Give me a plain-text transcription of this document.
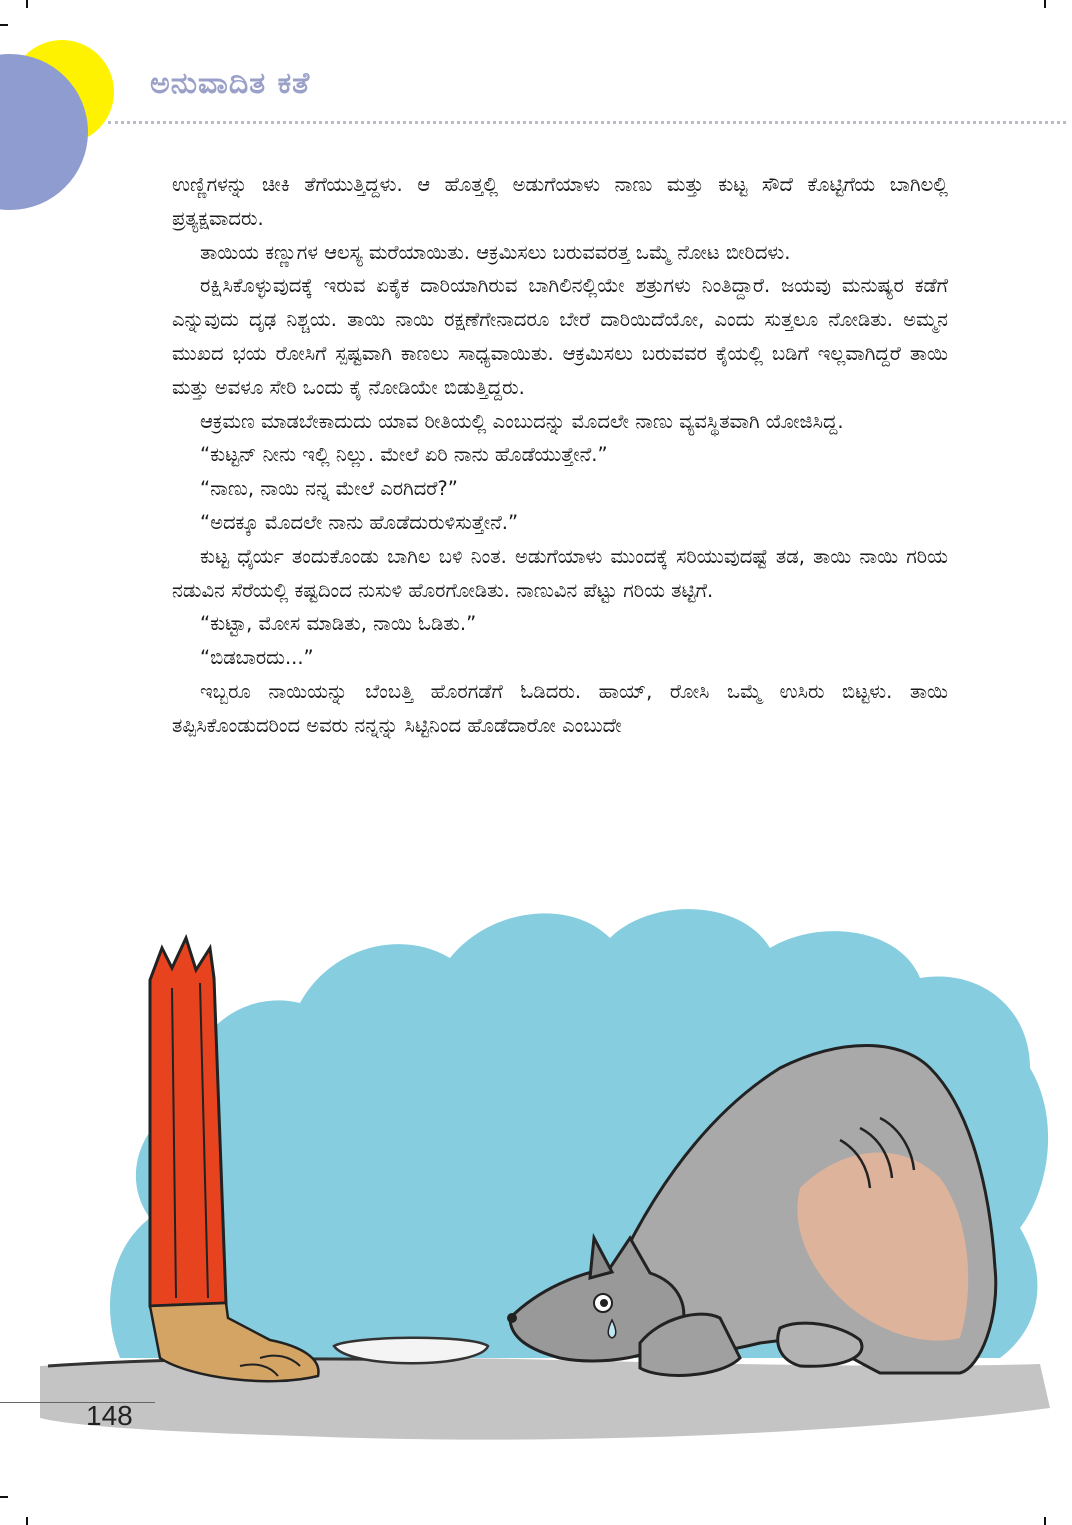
ಅನುವಾದಿತ ಕತೆ

ಉಣ್ಣಿಗಳನ್ನು ಚೀಕಿ ತೆಗೆಯುತ್ತಿದ್ದಳು. ಆ ಹೊತ್ತಲ್ಲಿ ಅಡುಗೆಯಾಳು ನಾಣು ಮತ್ತು ಕುಟ್ಟ ಸೌದೆ ಕೊಟ್ಟಿಗೆಯ ಬಾಗಿಲಲ್ಲಿ ಪ್ರತ್ಯಕ್ಷವಾದರು.

ತಾಯಿಯ ಕಣ್ಣುಗಳ ಆಲಸ್ಯ ಮರೆಯಾಯಿತು. ಆಕ್ರಮಿಸಲು ಬರುವವರತ್ತ ಒಮ್ಮೆ ನೋಟ ಬೀರಿದಳು.

ರಕ್ಷಿಸಿಕೊಳ್ಳುವುದಕ್ಕೆ ಇರುವ ಏಕೈಕ ದಾರಿಯಾಗಿರುವ ಬಾಗಿಲಿನಲ್ಲಿಯೇ ಶತ್ರುಗಳು ನಿಂತಿದ್ದಾರೆ. ಜಯವು ಮನುಷ್ಯರ ಕಡೆಗೆ ಎನ್ನುವುದು ದೃಢ ನಿಶ್ಚಯ. ತಾಯಿ ನಾಯಿ ರಕ್ಷಣೆಗೇನಾದರೂ ಬೇರೆ ದಾರಿಯಿದೆಯೋ, ಎಂದು ಸುತ್ತಲೂ ನೋಡಿತು. ಅಮ್ಮನ ಮುಖದ ಭಯ ರೋಸಿಗೆ ಸ್ಪಷ್ಟವಾಗಿ ಕಾಣಲು ಸಾಧ್ಯವಾಯಿತು. ಆಕ್ರಮಿಸಲು ಬರುವವರ ಕೈಯಲ್ಲಿ ಬಡಿಗೆ ಇಲ್ಲವಾಗಿದ್ದರೆ ತಾಯಿ ಮತ್ತು ಅವಳೂ ಸೇರಿ ಒಂದು ಕೈ ನೋಡಿಯೇ ಬಿಡುತ್ತಿದ್ದರು.

ಆಕ್ರಮಣ ಮಾಡಬೇಕಾದುದು ಯಾವ ರೀತಿಯಲ್ಲಿ ಎಂಬುದನ್ನು ಮೊದಲೇ ನಾಣು ವ್ಯವಸ್ಥಿತವಾಗಿ ಯೋಜಿಸಿದ್ದ.

“ಕುಟ್ಟನ್ ನೀನು ಇಲ್ಲಿ ನಿಲ್ಲು. ಮೇಲೆ ಏರಿ ನಾನು ಹೊಡೆಯುತ್ತೇನೆ.”

“ನಾಣು, ನಾಯಿ ನನ್ನ ಮೇಲೆ ಎರಗಿದರೆ?”

“ಅದಕ್ಕೂ ಮೊದಲೇ ನಾನು ಹೊಡೆದುರುಳಿಸುತ್ತೇನೆ.”

ಕುಟ್ಟ ಧೈರ್ಯ ತಂದುಕೊಂಡು ಬಾಗಿಲ ಬಳಿ ನಿಂತ. ಅಡುಗೆಯಾಳು ಮುಂದಕ್ಕೆ ಸರಿಯುವುದಷ್ಟೆ ತಡ, ತಾಯಿ ನಾಯಿ ಗರಿಯ ನಡುವಿನ ಸೆರೆಯಲ್ಲಿ ಕಷ್ಟದಿಂದ ನುಸುಳಿ ಹೊರಗೋಡಿತು. ನಾಣುವಿನ ಪೆಟ್ಟು ಗರಿಯ ತಟ್ಟಿಗೆ.

“ಕುಟ್ಟಾ, ಮೋಸ ಮಾಡಿತು, ನಾಯಿ ಓಡಿತು.”

“ಬಿಡಬಾರದು...”

ಇಬ್ಬರೂ ನಾಯಿಯನ್ನು ಬೆಂಬತ್ತಿ ಹೊರಗಡೆಗೆ ಓಡಿದರು. ಹಾಯ್, ರೋಸಿ ಒಮ್ಮೆ ಉಸಿರು ಬಿಟ್ಟಳು. ತಾಯಿ ತಪ್ಪಿಸಿಕೊಂಡುದರಿಂದ ಅವರು ನನ್ನನ್ನು ಸಿಟ್ಟಿನಿಂದ ಹೊಡೆದಾರೋ ಎಂಬುದೇ

148
